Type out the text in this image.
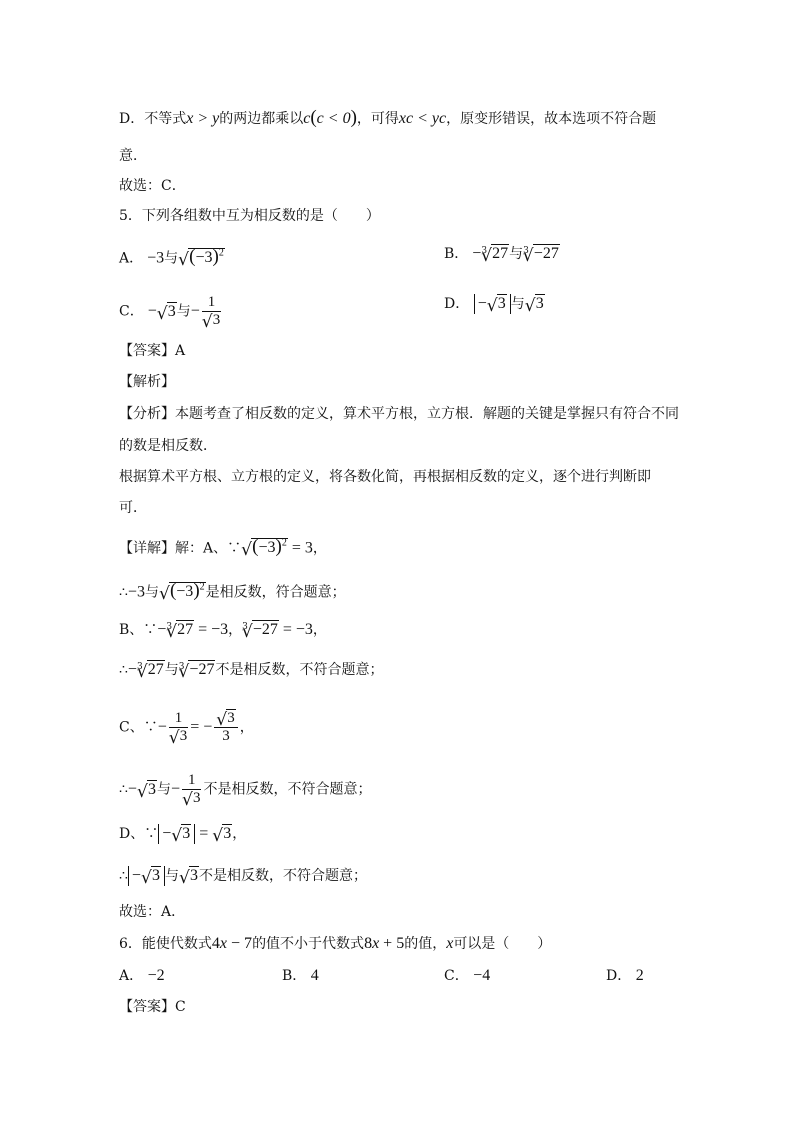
D．不等式x > y的两边都乘以c(c < 0)，可得xc < yc，原变形错误，故本选项不符合题
意．
故选：C．
5．下列各组数中互为相反数的是（　　）
A． −3与 √ $(-3)^2$	B． −$^3$ √ 27与$^3$ √ −27
C． − √ 3与− 1
√ 3	D． − √ 3 与 √ 3
【答案】A
【解析】
【分析】本题考查了相反数的定义，算术平方根，立方根．解题的关键是掌握只有符合不同
的数是相反数．
根据算术平方根、立方根的定义，将各数化简，再根据相反数的定义，逐个进行判断即
可．
【详解】解：A、∵ √ $(-3)^2 = 3$，
∴−3与 √ $(-3)^2$是相反数，符合题意；
B、∵−$^3$ √ 27 = −3，$^3$ √ −27 = −3，
∴−$^3$ √ 27与$^3$ √ −27不是相反数，不符合题意；
C、∵− 1
√ 3 = − √ $\frac{3}{3}$ ，
∴− √ 3与− 1
√ 3 不是相反数，不符合题意；
D、∵ − √ 3 = √ 3，
∴ − √ 3 与 √ 3不是相反数，不符合题意；
故选：A．
6．能使代数式4x − 7的值不小于代数式8x + 5的值，x可以是（　　）
A． −2	B． 4	C． −4	D． 2
【答案】C
